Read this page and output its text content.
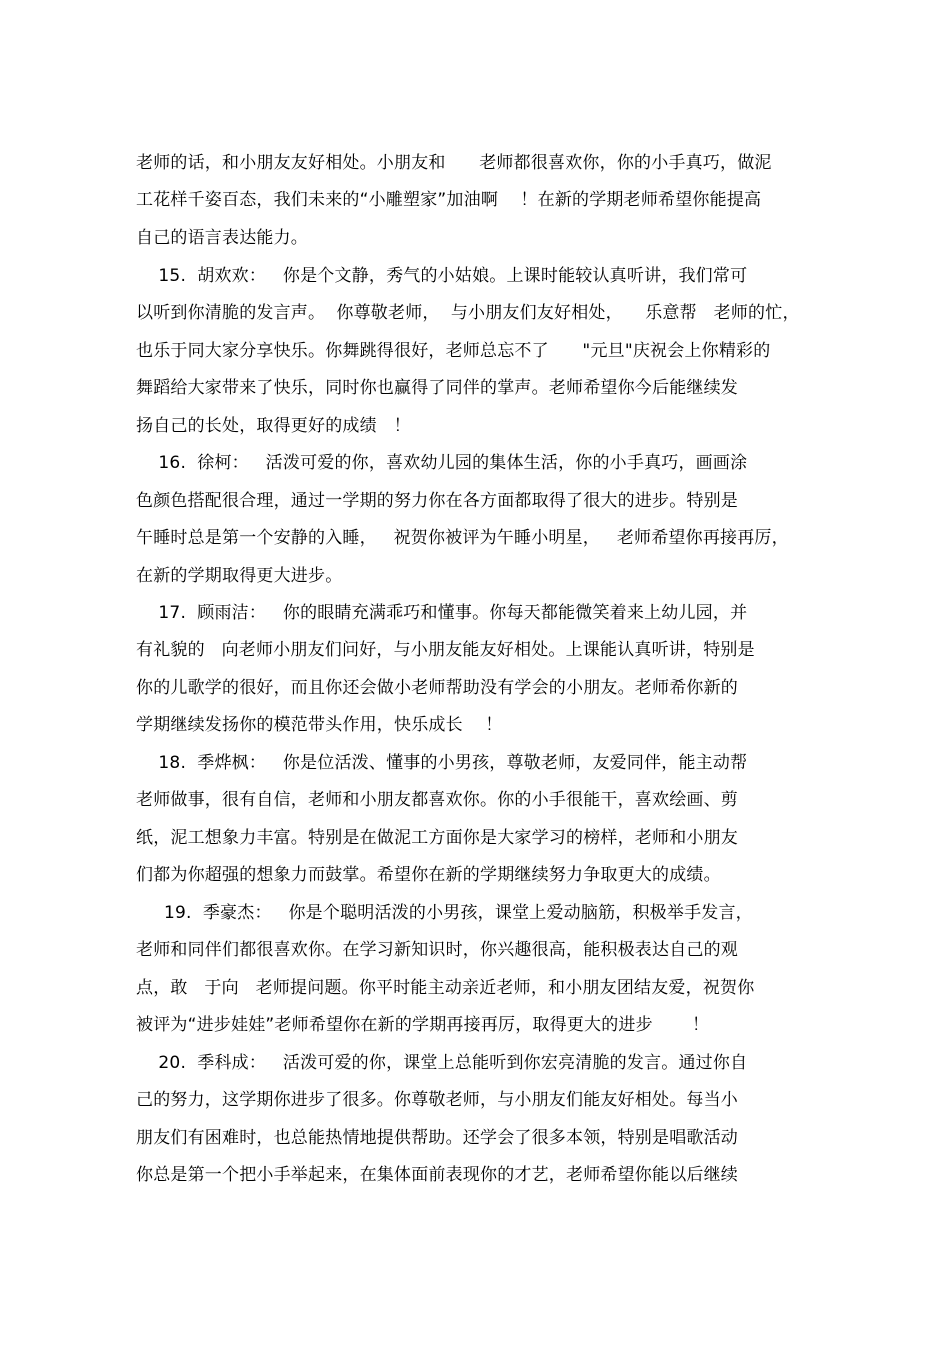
老师的话，和小朋友友好相处。小朋友和      老师都很喜欢你，你的小手真巧，做泥
工花样千姿百态，我们未来的“小雕塑家”加油啊    ！在新的学期老师希望你能提高
自己的语言表达能力。
15.  胡欢欢：   你是个文静，秀气的小姑娘。上课时能较认真听讲，我们常可
以听到你清脆的发言声。  你尊敬老师，  与小朋友们友好相处，    乐意帮   老师的忙，
也乐于同大家分享快乐。你舞跳得很好，老师总忘不了      "元旦"庆祝会上你精彩的
舞蹈给大家带来了快乐，同时你也赢得了同伴的掌声。老师希望你今后能继续发
扬自己的长处，取得更好的成绩   ！
16.  徐柯：   活泼可爱的你，喜欢幼儿园的集体生活，你的小手真巧，画画涂
色颜色搭配很合理，通过一学期的努力你在各方面都取得了很大的进步。特别是
午睡时总是第一个安静的入睡，   祝贺你被评为午睡小明星，   老师希望你再接再厉，
在新的学期取得更大进步。
17.  顾雨洁：   你的眼睛充满乖巧和懂事。你每天都能微笑着来上幼儿园，并
有礼貌的   向老师小朋友们问好，与小朋友能友好相处。上课能认真听讲，特别是
你的儿歌学的很好，而且你还会做小老师帮助没有学会的小朋友。老师希你新的
学期继续发扬你的模范带头作用，快乐成长    ！
18.  季烨枫：   你是位活泼、懂事的小男孩，尊敬老师，友爱同伴，能主动帮
老师做事，很有自信，老师和小朋友都喜欢你。你的小手很能干，喜欢绘画、剪
纸，泥工想象力丰富。特别是在做泥工方面你是大家学习的榜样，老师和小朋友
们都为你超强的想象力而鼓掌。希望你在新的学期继续努力争取更大的成绩。
19.  季豪杰：   你是个聪明活泼的小男孩，课堂上爱动脑筋，积极举手发言，
老师和同伴们都很喜欢你。在学习新知识时，你兴趣很高，能积极表达自己的观
点，敢   于向   老师提问题。你平时能主动亲近老师，和小朋友团结友爱，祝贺你
被评为“进步娃娃”老师希望你在新的学期再接再厉，取得更大的进步       ！
20.  季科成：   活泼可爱的你，课堂上总能听到你宏亮清脆的发言。通过你自
己的努力，这学期你进步了很多。你尊敬老师，与小朋友们能友好相处。每当小
朋友们有困难时，也总能热情地提供帮助。还学会了很多本领，特别是唱歌活动
你总是第一个把小手举起来，在集体面前表现你的才艺，老师希望你能以后继续
